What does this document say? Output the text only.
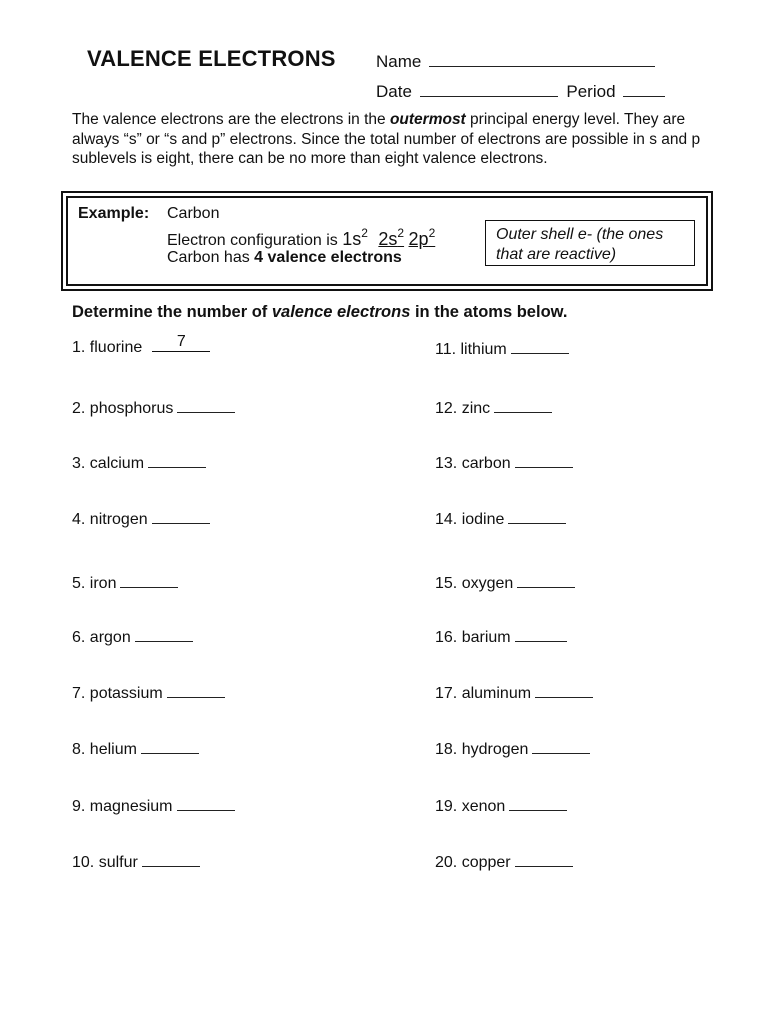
VALENCE ELECTRONS Name
Date	Period
The valence electrons are the electrons in the outermost principal energy level. They are always “s” or “s and p” electrons. Since the total number of electrons are possible in s and p sublevels is eight, there can be no more than eight valence electrons.
Example: Carbon
Electron configuration is $1s^2$ $2s^2$ $2p^2$
Carbon has 4 valence electrons
Outer shell e- (the ones that are reactive)
Determine the number of valence electrons in the atoms below.
1. fluorine 7
2. phosphorus
3. calcium
4. nitrogen
5. iron
6. argon
7. potassium
8. helium
9. magnesium
10. sulfur
11. lithium
12. zinc
13. carbon
14. iodine
15. oxygen
16. barium
17. aluminum
18. hydrogen
19. xenon
20. copper
